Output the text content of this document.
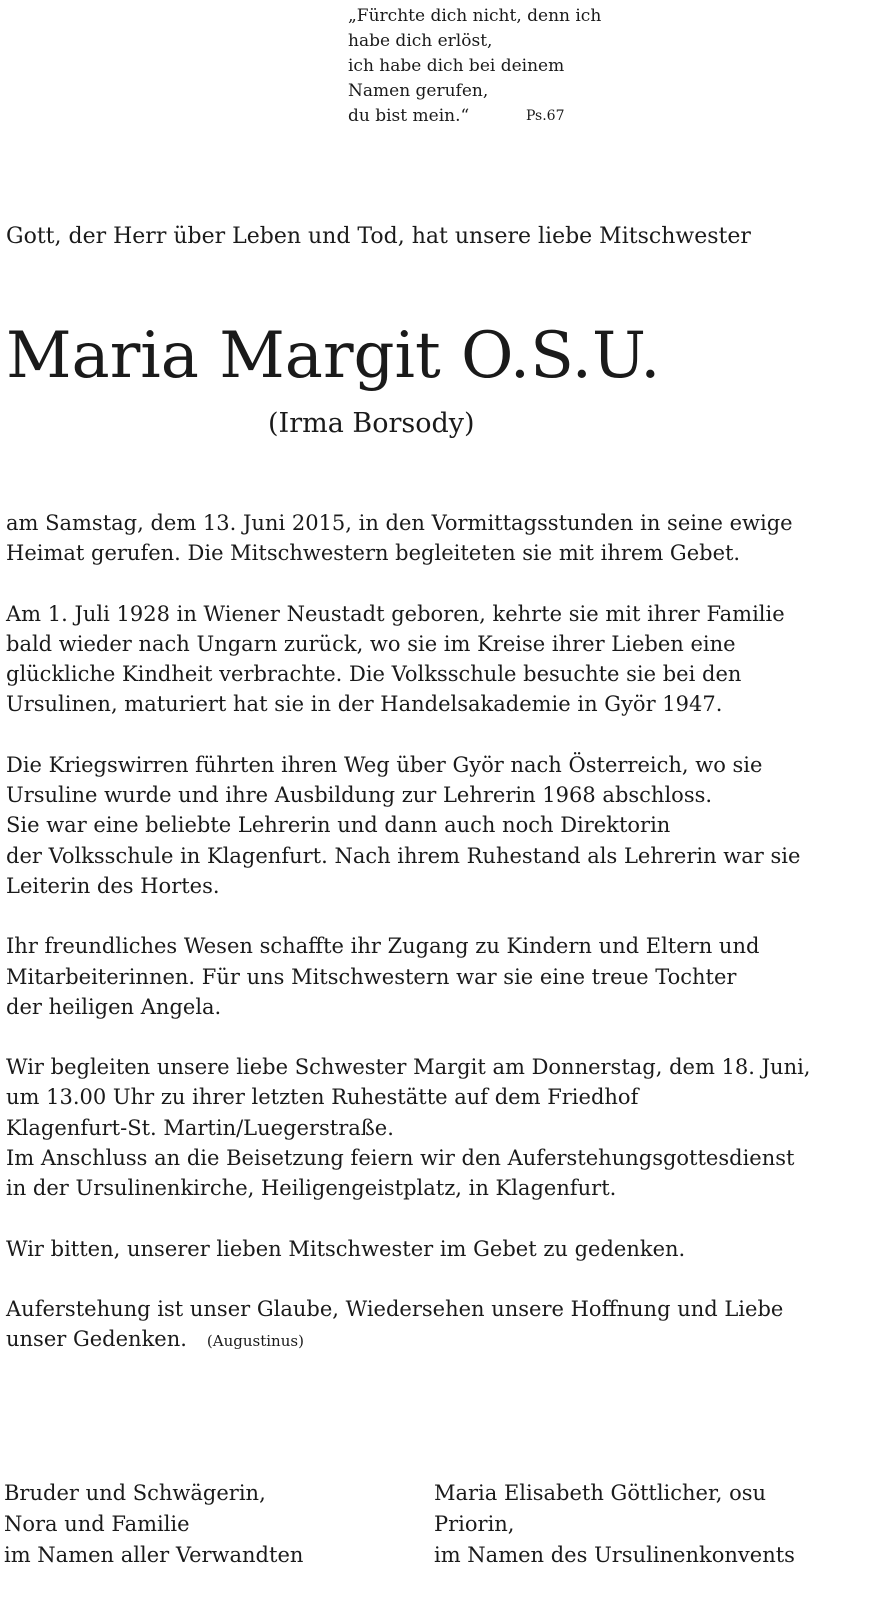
„Fürchte dich nicht, denn ich
habe dich erlöst,
ich habe dich bei deinem
Namen gerufen,
du bist mein.“	Ps.67
Gott, der Herr über Leben und Tod, hat unsere liebe Mitschwester
Maria Margit O.S.U.
(Irma Borsody)
am Samstag, dem 13. Juni 2015, in den Vormittagsstunden in seine ewige
Heimat gerufen. Die Mitschwestern begleiteten sie mit ihrem Gebet.
Am 1. Juli 1928 in Wiener Neustadt geboren, kehrte sie mit ihrer Familie
bald wieder nach Ungarn zurück, wo sie im Kreise ihrer Lieben eine
glückliche Kindheit verbrachte. Die Volksschule besuchte sie bei den
Ursulinen, maturiert hat sie in der Handelsakademie in Györ 1947.
Die Kriegswirren führten ihren Weg über Györ nach Österreich, wo sie
Ursuline wurde und ihre Ausbildung zur Lehrerin 1968 abschloss.
Sie war eine beliebte Lehrerin und dann auch noch Direktorin
der Volksschule in Klagenfurt. Nach ihrem Ruhestand als Lehrerin war sie
Leiterin des Hortes.
Ihr freundliches Wesen schaffte ihr Zugang zu Kindern und Eltern und
Mitarbeiterinnen. Für uns Mitschwestern war sie eine treue Tochter
der heiligen Angela.
Wir begleiten unsere liebe Schwester Margit am Donnerstag, dem 18. Juni,
um 13.00 Uhr zu ihrer letzten Ruhestätte auf dem Friedhof
Klagenfurt-St. Martin/Luegerstraße.
Im Anschluss an die Beisetzung feiern wir den Auferstehungsgottesdienst
in der Ursulinenkirche, Heiligengeistplatz, in Klagenfurt.
Wir bitten, unserer lieben Mitschwester im Gebet zu gedenken.
Auferstehung ist unser Glaube, Wiedersehen unsere Hoffnung und Liebe
unser Gedenken. (Augustinus)
Bruder und Schwägerin,
Nora und Familie
im Namen aller Verwandten
Maria Elisabeth Göttlicher, osu
Priorin,
im Namen des Ursulinenkonvents
